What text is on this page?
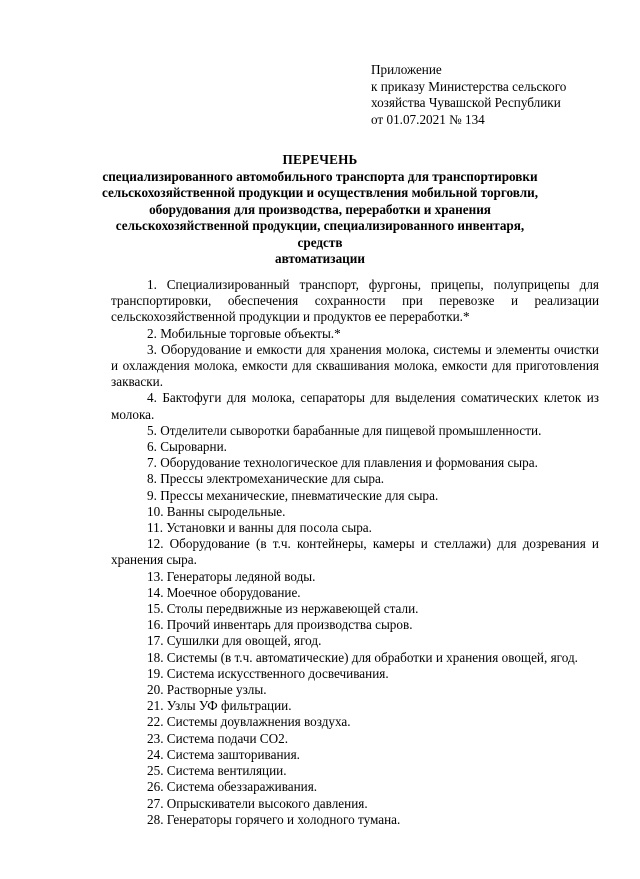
Приложение
к приказу Министерства сельского
хозяйства Чувашской Республики
от 01.07.2021 № 134
ПЕРЕЧЕНЬ
специализированного автомобильного транспорта для транспортировки
сельскохозяйственной продукции и осуществления мобильной торговли,
оборудования для производства, переработки и хранения
сельскохозяйственной продукции, специализированного инвентаря, средств
автоматизации

1. Специализированный транспорт, фургоны, прицепы, полуприцепы для транспортировки, обеспечения сохранности при перевозке и реализации сельскохозяйственной продукции и продуктов ее переработки.*

2. Мобильные торговые объекты.*

3. Оборудование и емкости для хранения молока, системы и элементы очистки и охлаждения молока, емкости для сквашивания молока, емкости для приготовления закваски.

4. Бактофуги для молока, сепараторы для выделения соматических клеток из молока.

5. Отделители сыворотки барабанные для пищевой промышленности.

6. Сыроварни.

7. Оборудование технологическое для плавления и формования сыра.

8. Прессы электромеханические для сыра.

9. Прессы механические, пневматические для сыра.

10. Ванны сыродельные.

11. Установки и ванны для посола сыра.

12. Оборудование (в т.ч. контейнеры, камеры и стеллажи) для дозревания и хранения сыра.

13. Генераторы ледяной воды.

14. Моечное оборудование.

15. Столы передвижные из нержавеющей стали.

16. Прочий инвентарь для производства сыров.

17. Сушилки для овощей, ягод.

18. Системы (в т.ч. автоматические) для обработки и хранения овощей, ягод.

19. Система искусственного досвечивания.

20. Растворные узлы.

21. Узлы УФ фильтрации.

22. Системы доувлажнения воздуха.

23. Система подачи СО2.

24. Система зашторивания.

25. Система вентиляции.

26. Система обеззараживания.

27. Опрыскиватели высокого давления.

28. Генераторы горячего и холодного тумана.
